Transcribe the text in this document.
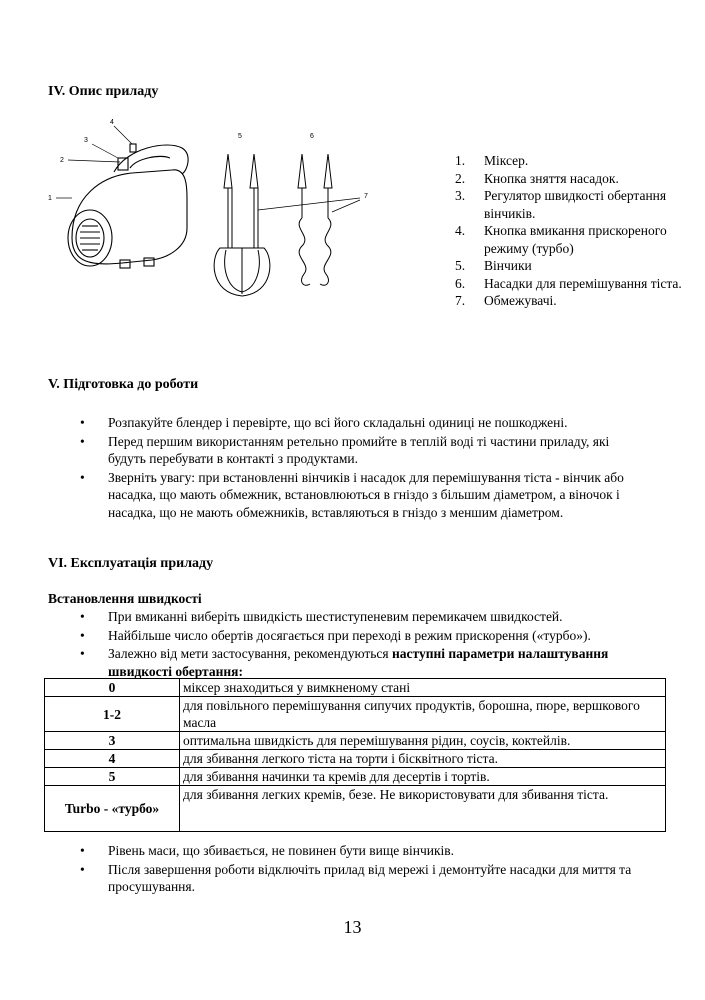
IV. Опис приладу
1
2
3
4
5	6
7
1. Міксер.
2. Кнопка зняття насадок.
3. Регулятор швидкості обертання вінчиків.
4. Кнопка вмикання прискореного режиму (турбо)
5. Вінчики
6. Насадки для перемішування тіста.
7. Обмежувачі.
V. Підготовка до роботи
• Розпакуйте блендер і перевірте, що всі його складальні одиниці не пошкоджені.
• Перед першим використанням ретельно промийте в теплій воді ті частини приладу, які будуть перебувати в контакті з продуктами.
• Зверніть увагу: при встановленні вінчиків і насадок для перемішування тіста - вінчик або насадка, що мають обмежник, встановлюються в гніздо з більшим діаметром, а віночок і насадка, що не мають обмежників, вставляються в гніздо з меншим діаметром.
VI. Експлуатація приладу
Встановлення швидкості
• При вмиканні виберіть швидкість шестиступеневим перемикачем швидкостей.
• Найбільше число обертів досягається при переході в режим прискорення («турбо»).
• Залежно від мети застосування, рекомендуються наступні параметри налаштування швидкості обертання:
0	міксер знаходиться у вимкненому стані
1-2	для повільного перемішування сипучих продуктів, борошна, пюре, вершкового масла
3	оптимальна швидкість для перемішування рідин, соусів, коктейлів.
4	для збивання легкого тіста на торти і бісквітного тіста.
5	для збивання начинки та кремів для десертів і тортів.
Turbo - «турбо»	для збивання легких кремів, безе. Не використовувати для збивання тіста.
• Рівень маси, що збивається, не повинен бути вище вінчиків.
• Після завершення роботи відключіть прилад від мережі і демонтуйте насадки для миття та просушування.
13
